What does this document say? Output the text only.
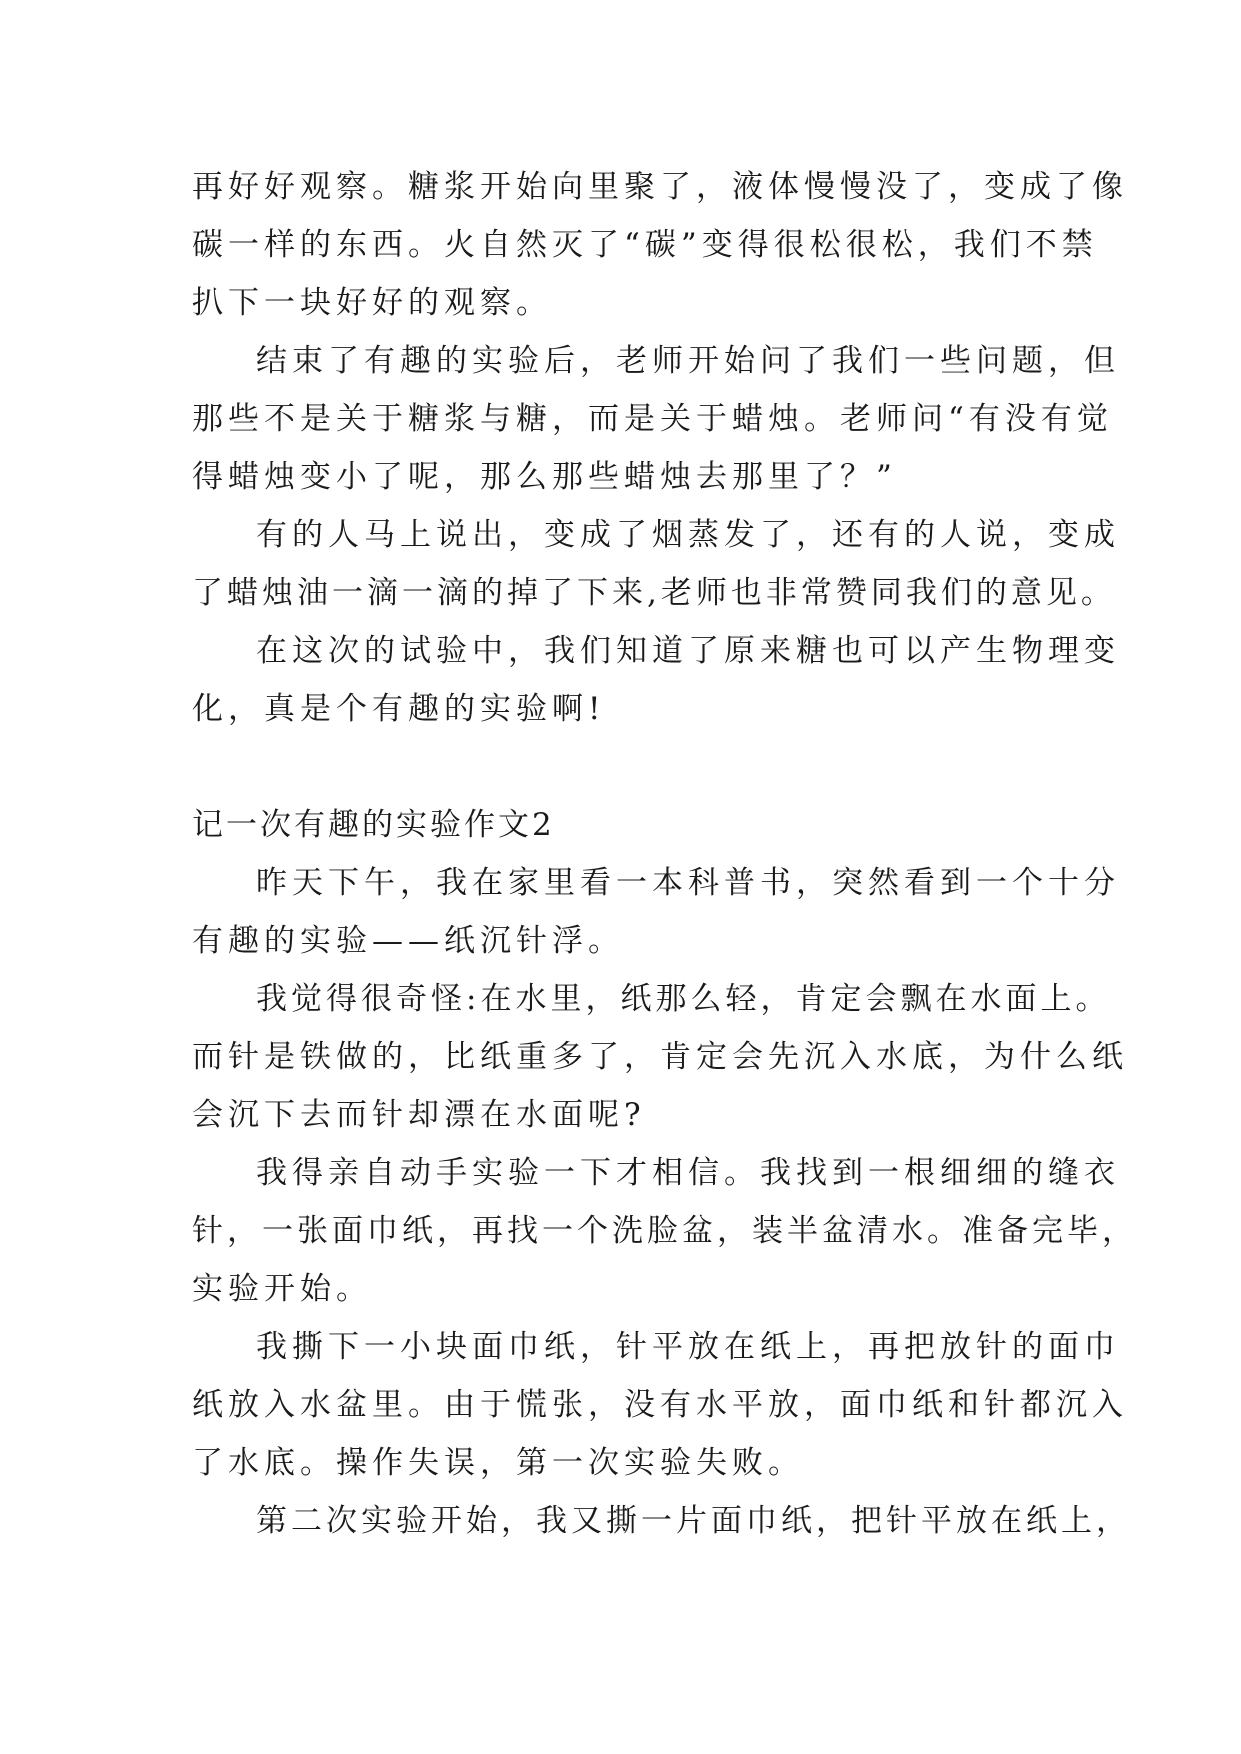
再好好观察。糖浆开始向里聚了，液体慢慢没了，变成了像
碳一样的东西。火自然灭了“碳”变得很松很松，我们不禁
扒下一块好好的观察。
结束了有趣的实验后，老师开始问了我们一些问题，但
那些不是关于糖浆与糖，而是关于蜡烛。老师问“有没有觉
得蜡烛变小了呢，那么那些蜡烛去那里了？”
有的人马上说出，变成了烟蒸发了，还有的人说，变成
了蜡烛油一滴一滴的掉了下来,老师也非常赞同我们的意见。
在这次的试验中，我们知道了原来糖也可以产生物理变
化，真是个有趣的实验啊!
记一次有趣的实验作文2
昨天下午，我在家里看一本科普书，突然看到一个十分
有趣的实验——纸沉针浮。
我觉得很奇怪:在水里，纸那么轻，肯定会飘在水面上。
而针是铁做的，比纸重多了，肯定会先沉入水底，为什么纸
会沉下去而针却漂在水面呢?
我得亲自动手实验一下才相信。我找到一根细细的缝衣
针，一张面巾纸，再找一个洗脸盆，装半盆清水。准备完毕，
实验开始。
我撕下一小块面巾纸，针平放在纸上，再把放针的面巾
纸放入水盆里。由于慌张，没有水平放，面巾纸和针都沉入
了水底。操作失误，第一次实验失败。
第二次实验开始，我又撕一片面巾纸，把针平放在纸上，
